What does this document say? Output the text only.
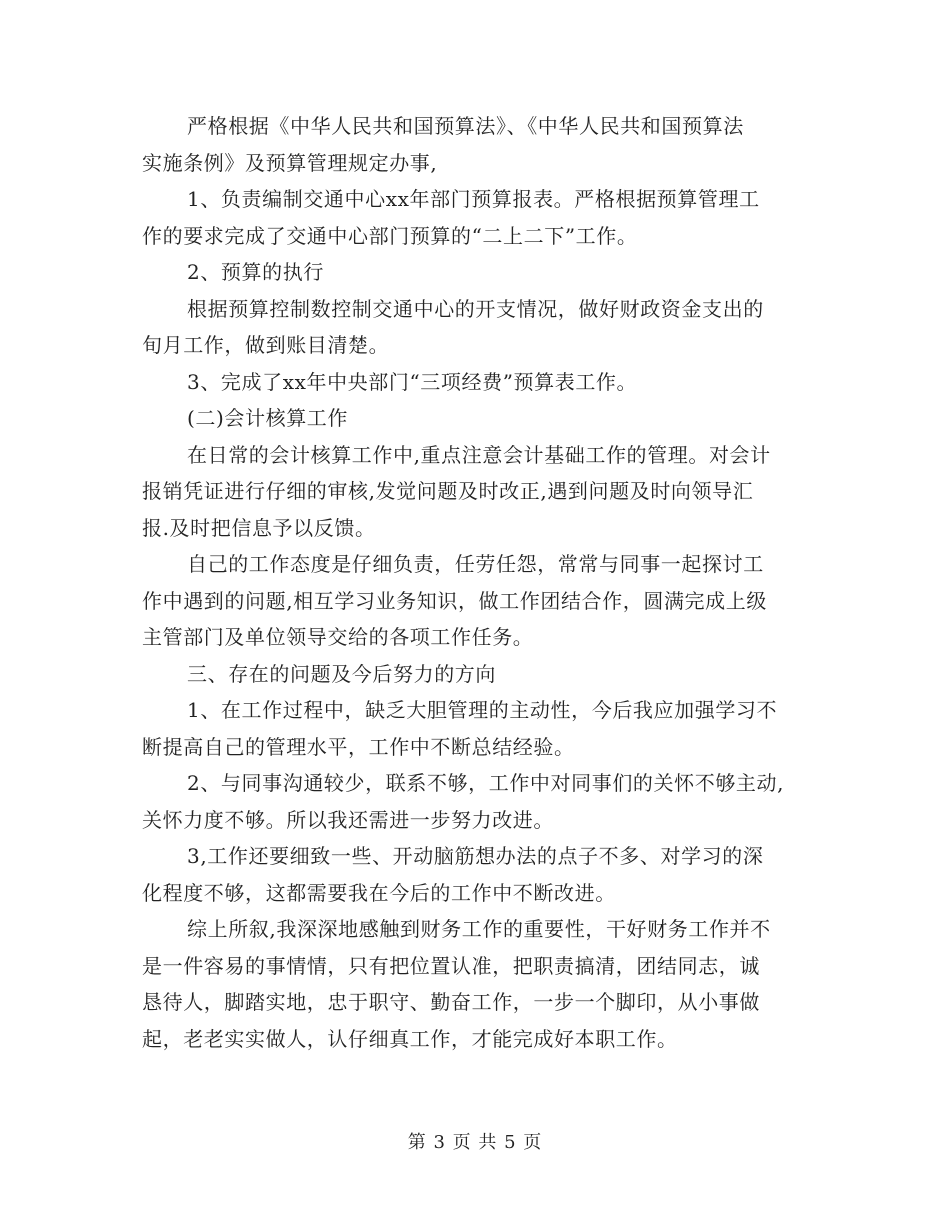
严格根据《中华人民共和国预算法》、《中华人民共和国预算法
实施条例》及预算管理规定办事,

1、负责编制交通中心xx年部门预算报表。严格根据预算管理工
作的要求完成了交通中心部门预算的“二上二下”工作。

2、预算的执行

根据预算控制数控制交通中心的开支情况，做好财政资金支出的
旬月工作，做到账目清楚。

3、完成了xx年中央部门“三项经费”预算表工作。

(二)会计核算工作

在日常的会计核算工作中,重点注意会计基础工作的管理。对会计
报销凭证进行仔细的审核,发觉问题及时改正,遇到问题及时向领导汇
报.及时把信息予以反馈。

自己的工作态度是仔细负责，任劳任怨，常常与同事一起探讨工
作中遇到的问题,相互学习业务知识，做工作团结合作，圆满完成上级
主管部门及单位领导交给的各项工作任务。

三、存在的问题及今后努力的方向

1、在工作过程中，缺乏大胆管理的主动性，今后我应加强学习不
断提高自己的管理水平，工作中不断总结经验。

2、与同事沟通较少，联系不够，工作中对同事们的关怀不够主动,
关怀力度不够。所以我还需进一步努力改进。

3,工作还要细致一些、开动脑筋想办法的点子不多、对学习的深
化程度不够，这都需要我在今后的工作中不断改进。

综上所叙,我深深地感触到财务工作的重要性，干好财务工作并不
是一件容易的事情情，只有把位置认准，把职责搞清，团结同志，诚
恳待人，脚踏实地，忠于职守、勤奋工作，一步一个脚印，从小事做
起，老老实实做人，认仔细真工作，才能完成好本职工作。

第 3 页 共 5 页
